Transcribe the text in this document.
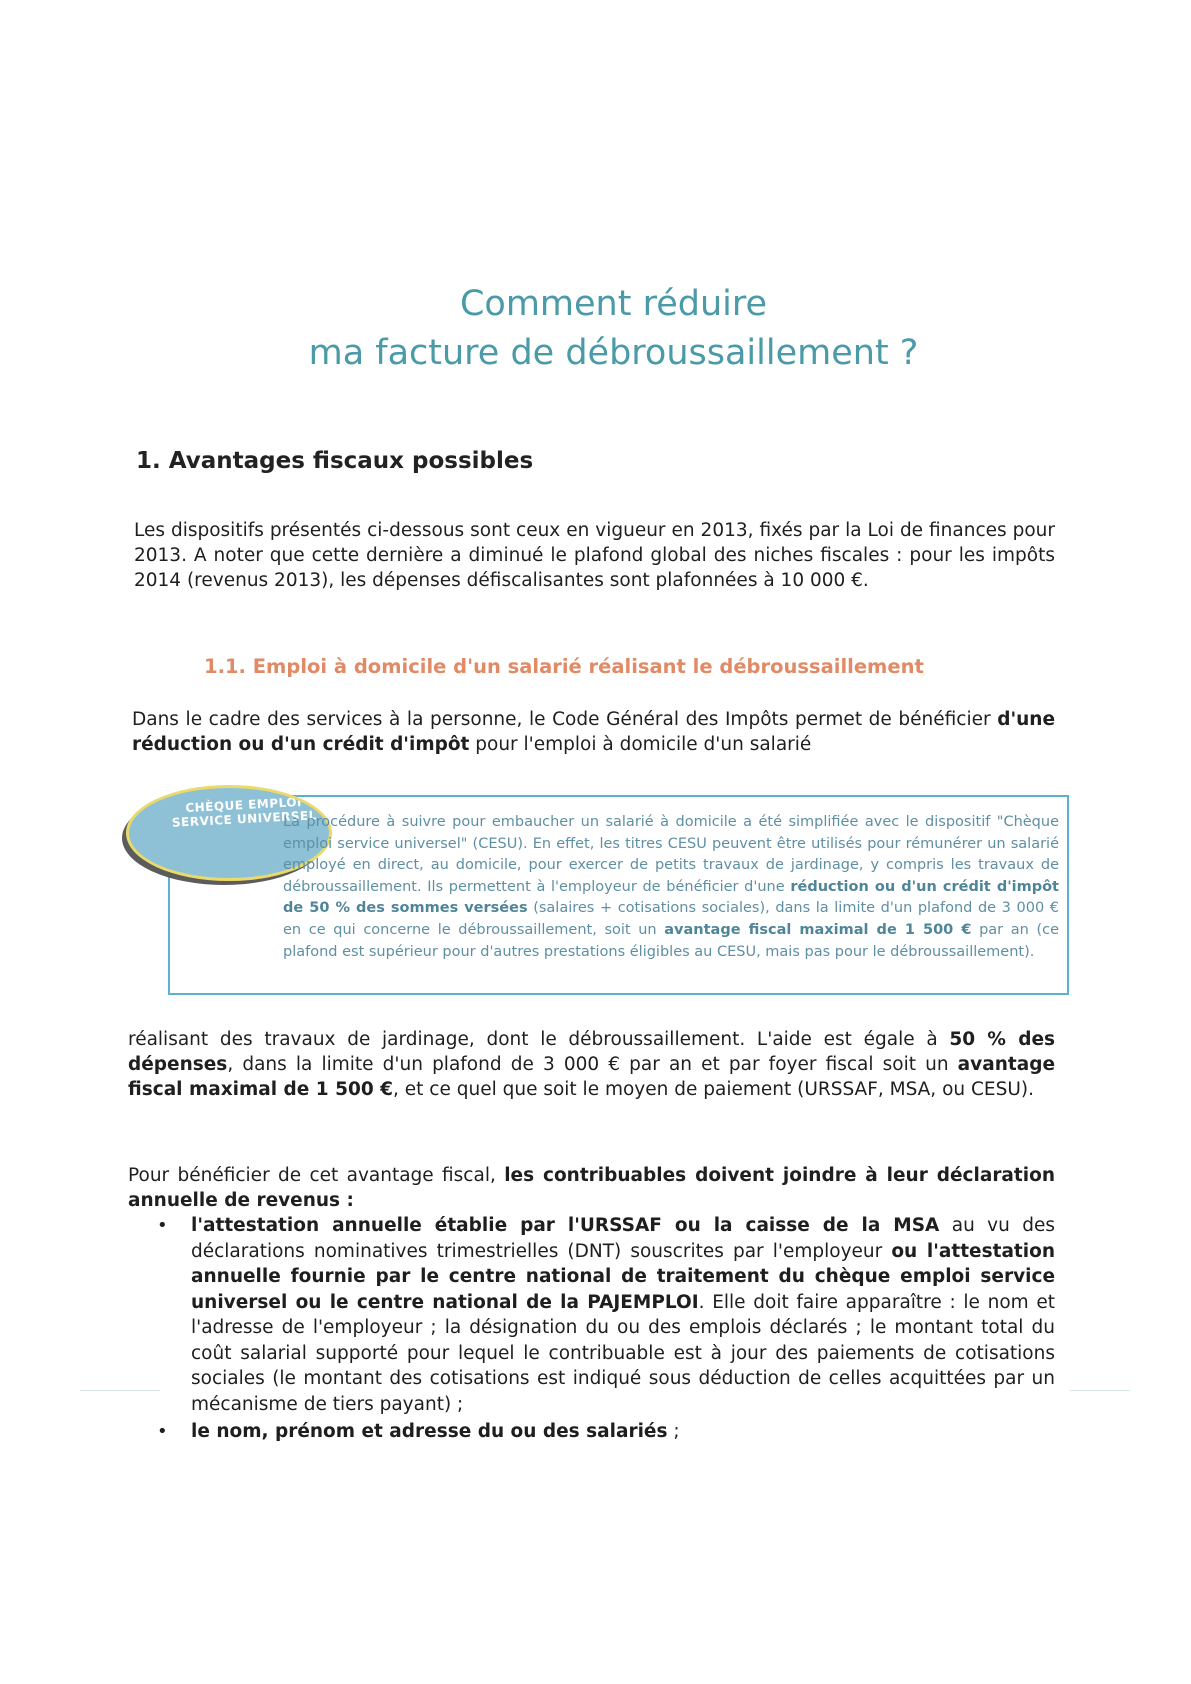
Comment réduire
ma facture de débroussaillement ?
1. Avantages fiscaux possibles
Les dispositifs présentés ci-dessous sont ceux en vigueur en 2013, fixés par la Loi de finances pour 2013. A noter que cette dernière a diminué le plafond global des niches fiscales : pour les impôts 2014 (revenus 2013), les dépenses défiscalisantes sont plafonnées à 10 000 €.
1.1. Emploi à domicile d'un salarié réalisant le débroussaillement
Dans le cadre des services à la personne, le Code Général des Impôts permet de bénéficier d'une réduction ou d'un crédit d'impôt pour l'emploi à domicile d'un salarié
CHÈQUE EMPLOI SERVICE UNIVERSEL
La procédure à suivre pour embaucher un salarié à domicile a été simplifiée avec le dispositif "Chèque emploi service universel" (CESU). En effet, les titres CESU peuvent être utilisés pour rémunérer un salarié employé en direct, au domicile, pour exercer de petits travaux de jardinage, y compris les travaux de débroussaillement. Ils permettent à l'employeur de bénéficier d'une réduction ou d'un crédit d'impôt de 50 % des sommes versées (salaires + cotisations sociales), dans la limite d'un plafond de 3 000 € en ce qui concerne le débroussaillement, soit un avantage fiscal maximal de 1 500 € par an (ce plafond est supérieur pour d'autres prestations éligibles au CESU, mais pas pour le débroussaillement).
réalisant des travaux de jardinage, dont le débroussaillement. L'aide est égale à 50 % des dépenses, dans la limite d'un plafond de 3 000 € par an et par foyer fiscal soit un avantage fiscal maximal de 1 500 €, et ce quel que soit le moyen de paiement (URSSAF, MSA, ou CESU).
Pour bénéficier de cet avantage fiscal, les contribuables doivent joindre à leur déclaration annuelle de revenus :
• l'attestation annuelle établie par l'URSSAF ou la caisse de la MSA au vu des déclarations nominatives trimestrielles (DNT) souscrites par l'employeur ou l'attestation annuelle fournie par le centre national de traitement du chèque emploi service universel ou le centre national de la PAJEMPLOI. Elle doit faire apparaître : le nom et l'adresse de l'employeur ; la désignation du ou des emplois déclarés ; le montant total du coût salarial supporté pour lequel le contribuable est à jour des paiements de cotisations sociales (le montant des cotisations est indiqué sous déduction de celles acquittées par un mécanisme de tiers payant) ;
• le nom, prénom et adresse du ou des salariés ;
